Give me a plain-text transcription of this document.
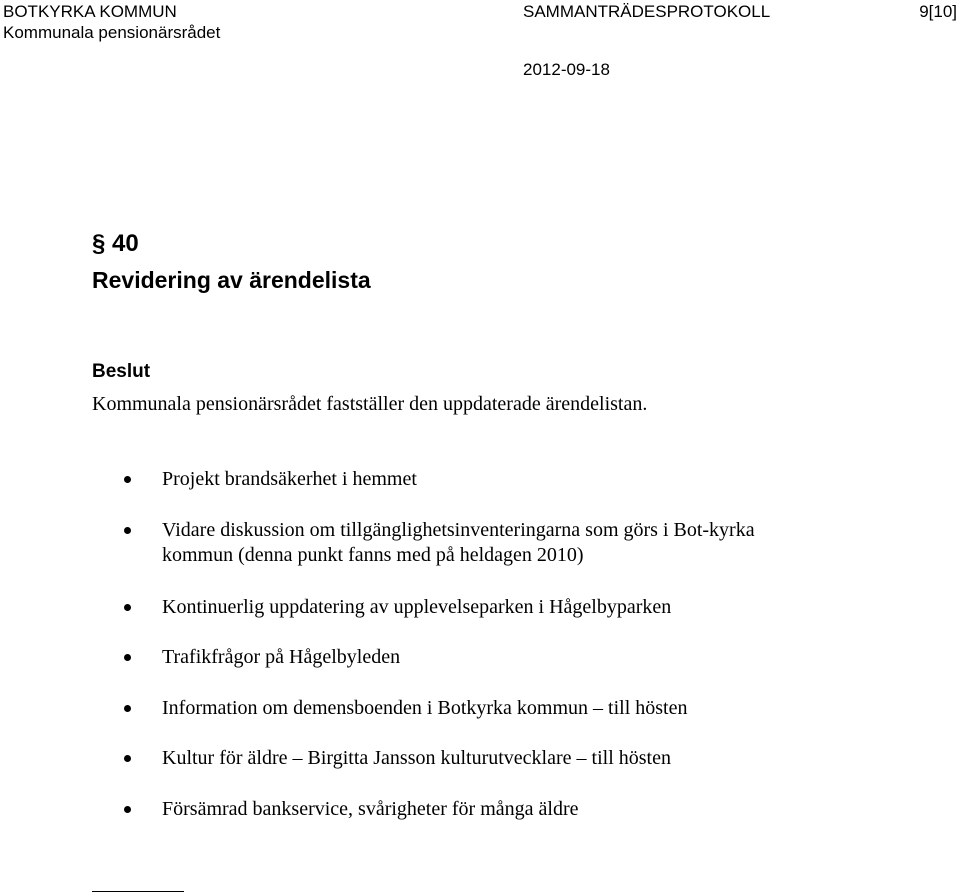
BOTKYRKA KOMMUN
Kommunala pensionärsrådet
SAMMANTRÄDESPROTOKOLL	9[10]
2012-09-18
§ 40
Revidering av ärendelista
Beslut
Kommunala pensionärsrådet fastställer den uppdaterade ärendelistan.
Projekt brandsäkerhet i hemmet
Vidare diskussion om tillgänglighetsinventeringarna som görs i Bot-kyrka kommun (denna punkt fanns med på heldagen 2010)
Kontinuerlig uppdatering av upplevelseparken i Hågelbyparken
Trafikfrågor på Hågelbyleden
Information om demensboenden i Botkyrka kommun – till hösten
Kultur för äldre – Birgitta Jansson kulturutvecklare – till hösten
Försämrad bankservice, svårigheter för många äldre
